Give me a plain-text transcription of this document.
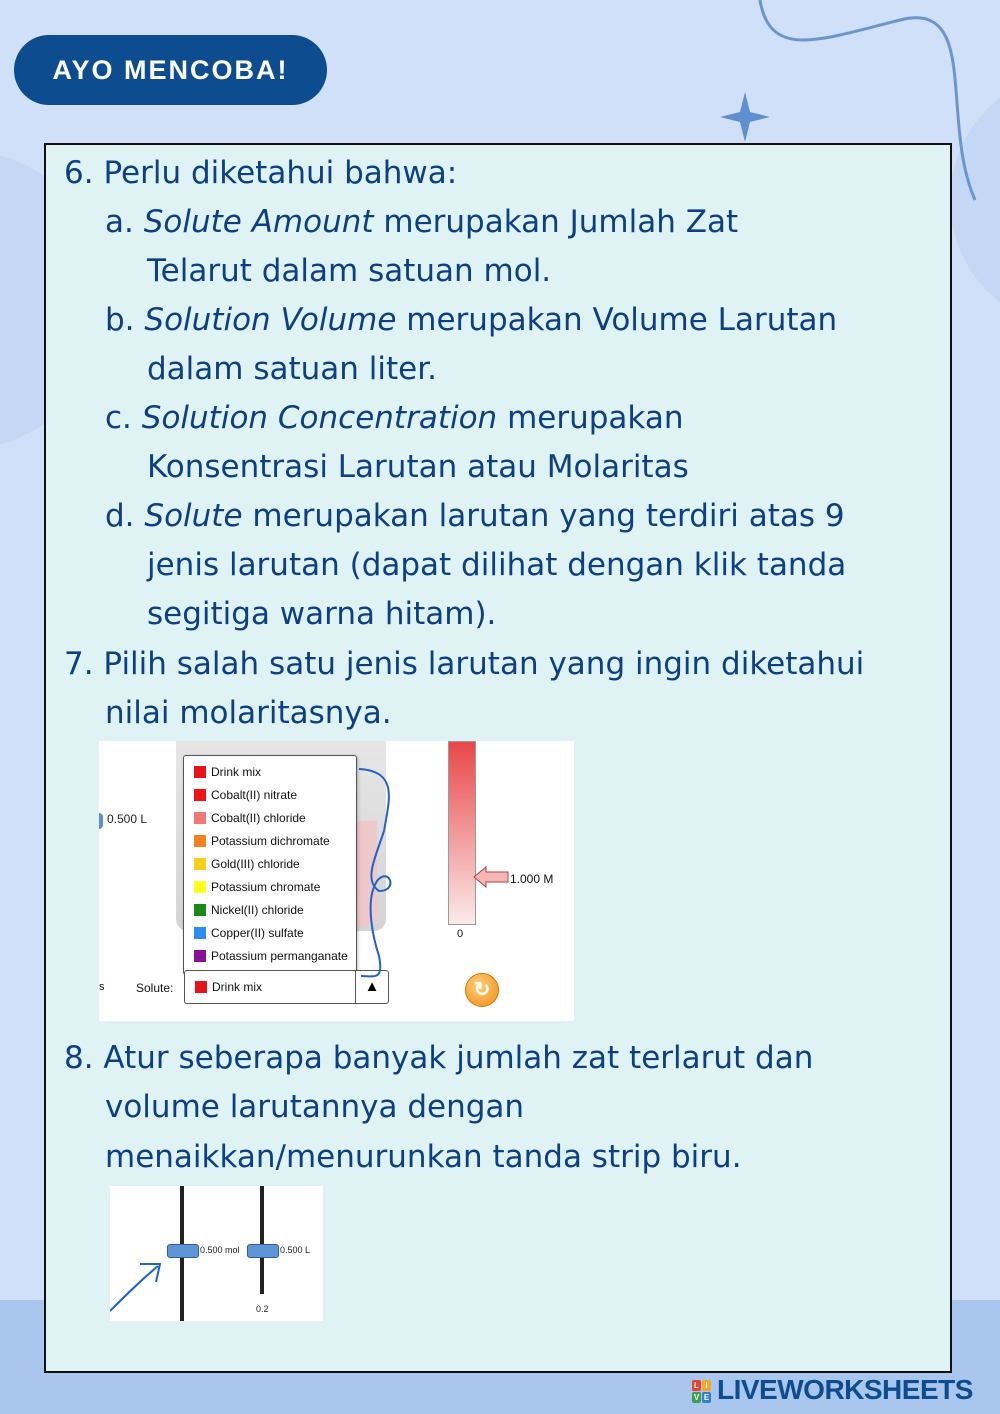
AYO MENCOBA!
6. Perlu diketahui bahwa:
a. Solute Amount merupakan Jumlah Zat
Telarut dalam satuan mol.
b. Solution Volume merupakan Volume Larutan
dalam satuan liter.
c. Solution Concentration merupakan
Konsentrasi Larutan atau Molaritas
d. Solute merupakan larutan yang terdiri atas 9
jenis larutan (dapat dilihat dengan klik tanda
segitiga warna hitam).
7. Pilih salah satu jenis larutan yang ingin diketahui
nilai molaritasnya.
0.500 L
Drink mix
Cobalt(II) nitrate
Cobalt(II) chloride
Potassium dichromate
Gold(III) chloride
Potassium chromate
Nickel(II) chloride
Copper(II) sulfate
Potassium permanganate
s	Solute:	Drink mix	▲
0
1.000 M
↻
8. Atur seberapa banyak jumlah zat terlarut dan
volume larutannya dengan
menaikkan/menurunkan tanda strip biru.
0.500 mol	0.500 L
0.2
L I
V E LIVEWORKSHEETS
